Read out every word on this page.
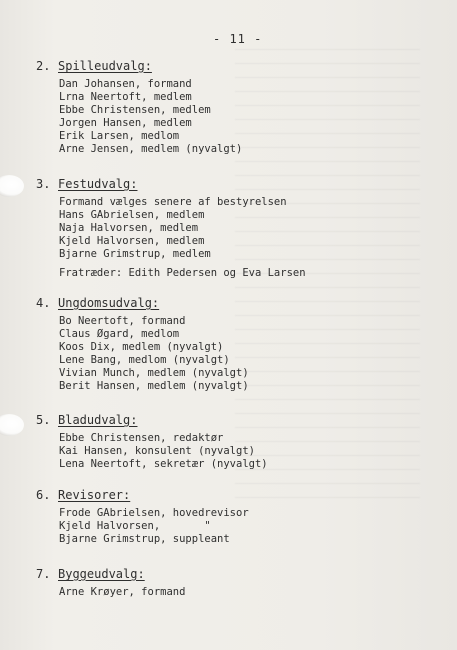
- 11 -
2. Spilleudvalg:
Dan Johansen, formand
Lrna Neertoft, medlem
Ebbe Christensen, medlem
Jorgen Hansen, medlem
Erik Larsen, medlom
Arne Jensen, medlem (nyvalgt)
3. Festudvalg:
Formand vælges senere af bestyrelsen
Hans GAbrielsen, medlem
Naja Halvorsen, medlem
Kjeld Halvorsen, medlem
Bjarne Grimstrup, medlem
Fratræder: Edith Pedersen og Eva Larsen
4. Ungdomsudvalg:
Bo Neertoft, formand
Claus Øgard, medlom
Koos Dix, medlem (nyvalgt)
Lene Bang, medlom (nyvalgt)
Vivian Munch, medlem (nyvalgt)
Berit Hansen, medlem (nyvalgt)
5. Bladudvalg:
Ebbe Christensen, redaktør
Kai Hansen, konsulent (nyvalgt)
Lena Neertoft, sekretær (nyvalgt)
6. Revisorer:
Frode GAbrielsen, hovedrevisor
Kjeld Halvorsen,       "
Bjarne Grimstrup, suppleant
7. Byggeudvalg:
Arne Krøyer, formand
